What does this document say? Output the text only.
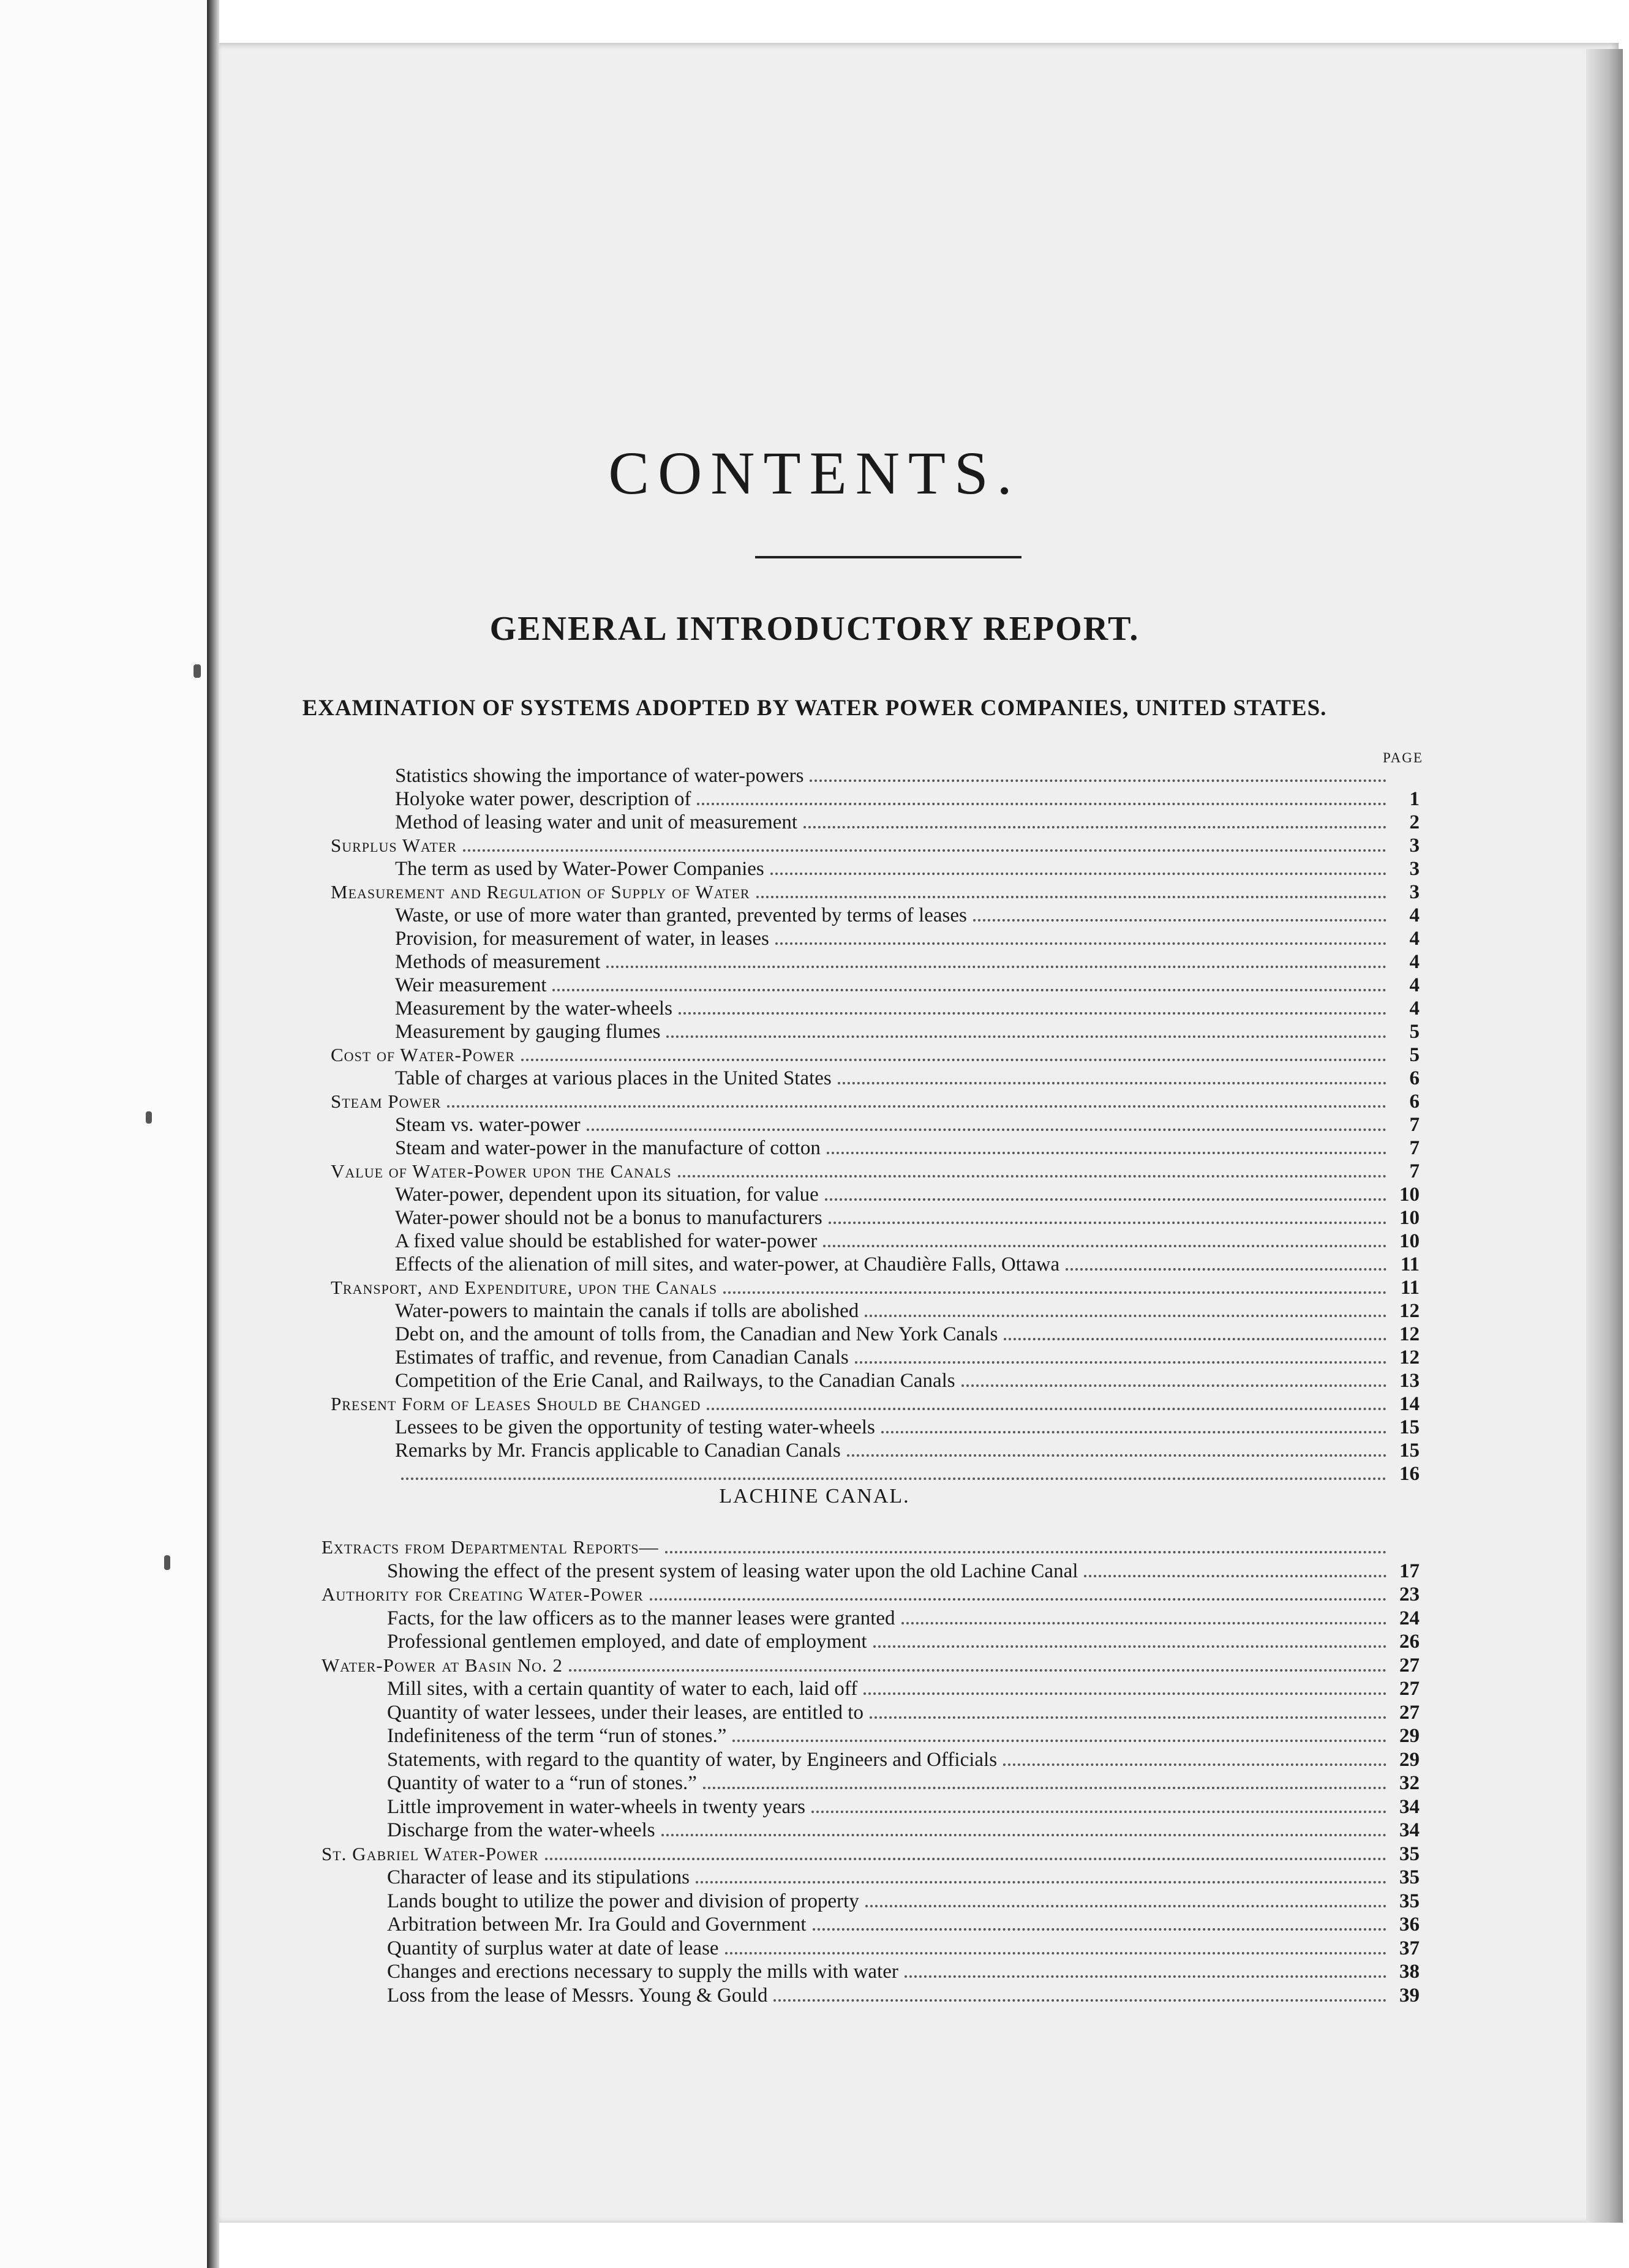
CONTENTS.
GENERAL INTRODUCTORY REPORT.
EXAMINATION OF SYSTEMS ADOPTED BY WATER POWER COMPANIES, UNITED STATES.
PAGE
Statistics showing the importance of water-powers
Holyoke water power, description of	1
Method of leasing water and unit of measurement	2
Surplus Water	3
The term as used by Water-Power Companies	3
Measurement and Regulation of Supply of Water	3
Waste, or use of more water than granted, prevented by terms of leases	4
Provision, for measurement of water, in leases	4
Methods of measurement	4
Weir measurement	4
Measurement by the water-wheels	4
Measurement by gauging flumes	5
Cost of Water-Power	5
Table of charges at various places in the United States	6
Steam Power	6
Steam vs. water-power	7
Steam and water-power in the manufacture of cotton	7
Value of Water-Power upon the Canals	7
Water-power, dependent upon its situation, for value	10
Water-power should not be a bonus to manufacturers	10
A fixed value should be established for water-power	10
Effects of the alienation of mill sites, and water-power, at Chaudière Falls, Ottawa	11
Transport, and Expenditure, upon the Canals	11
Water-powers to maintain the canals if tolls are abolished	12
Debt on, and the amount of tolls from, the Canadian and New York Canals	12
Estimates of traffic, and revenue, from Canadian Canals	12
Competition of the Erie Canal, and Railways, to the Canadian Canals	13
Present Form of Leases Should be Changed	14
Lessees to be given the opportunity of testing water-wheels	15
Remarks by Mr. Francis applicable to Canadian Canals	15
16
LACHINE CANAL.
Extracts from Departmental Reports—
Showing the effect of the present system of leasing water upon the old Lachine Canal	17
Authority for Creating Water-Power	23
Facts, for the law officers as to the manner leases were granted	24
Professional gentlemen employed, and date of employment	26
Water-Power at Basin No. 2	27
Mill sites, with a certain quantity of water to each, laid off	27
Quantity of water lessees, under their leases, are entitled to	27
Indefiniteness of the term “run of stones.”	29
Statements, with regard to the quantity of water, by Engineers and Officials	29
Quantity of water to a “run of stones.”	32
Little improvement in water-wheels in twenty years	34
Discharge from the water-wheels	34
St. Gabriel Water-Power	35
Character of lease and its stipulations	35
Lands bought to utilize the power and division of property	35
Arbitration between Mr. Ira Gould and Government	36
Quantity of surplus water at date of lease	37
Changes and erections necessary to supply the mills with water	38
Loss from the lease of Messrs. Young & Gould	39
